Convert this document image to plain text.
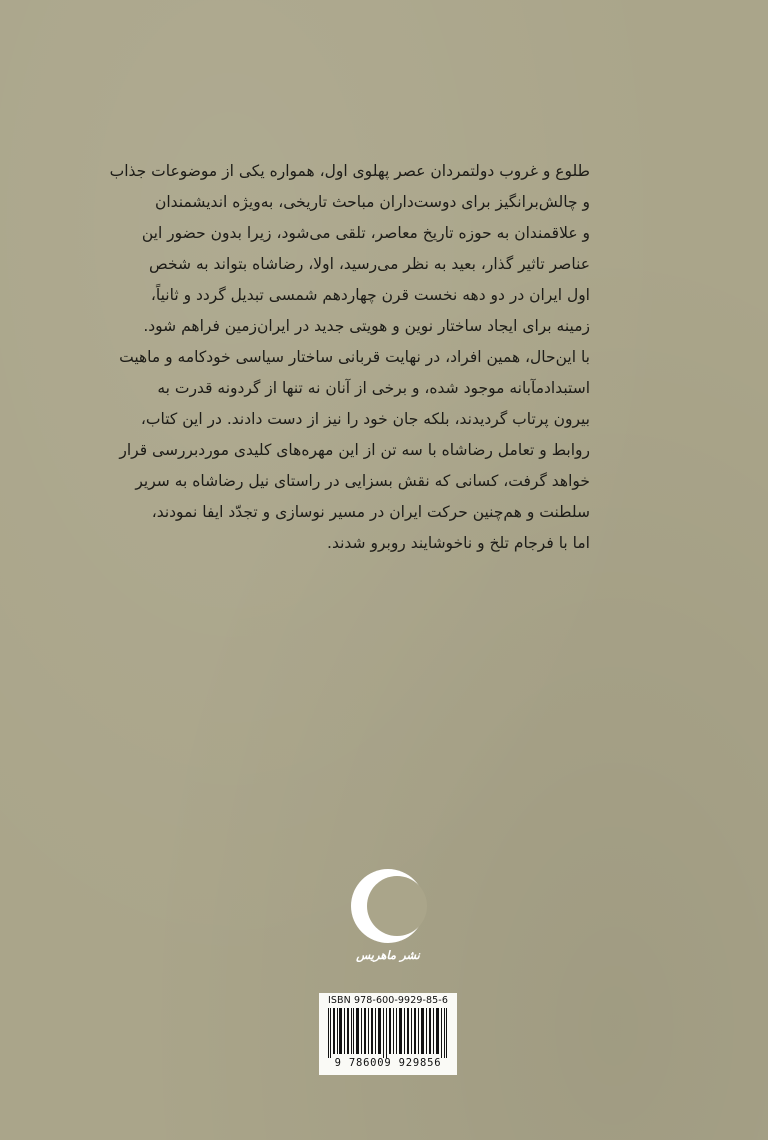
طلوع و غروب دولتمردان عصر پهلوی اول، همواره یکی از موضوعات جذاب
و چالش‌برانگیز برای دوست‌داران مباحث تاریخی، به‌ویژه اندیشمندان
و علاقمندان به حوزه تاریخ معاصر، تلقی می‌شود، زیرا بدون حضور این
عناصر تاثیر گذار، بعید به نظر می‌رسید، اولا، رضاشاه بتواند به شخص
اول ایران در دو دهه نخست قرن چهاردهم شمسی تبدیل گردد و ثانیاً،
زمینه برای ایجاد ساختار نوین و هویتی جدید در ایران‌زمین فراهم شود.
با این‌حال، همین افراد، در نهایت قربانی ساختار سیاسی خودکامه و ماهیت
استبدادمآبانه موجود شده، و برخی از آنان نه تنها از گردونه قدرت به
بیرون پرتاب گردیدند، بلکه جان خود را نیز از دست دادند. در این کتاب،
روابط و تعامل رضاشاه با سه تن از این مهره‌های کلیدی موردبررسی قرار
خواهد گرفت، کسانی که نقش بسزایی در راستای نیل رضاشاه به سریر
سلطنت و هم‌چنین حرکت ایران در مسیر نوسازی و تجدّد ایفا نمودند،
اما با فرجام تلخ و ناخوشایند روبرو شدند.
نشر ماهریس
ISBN 978-600-9929-85-6
9 786009 929856
